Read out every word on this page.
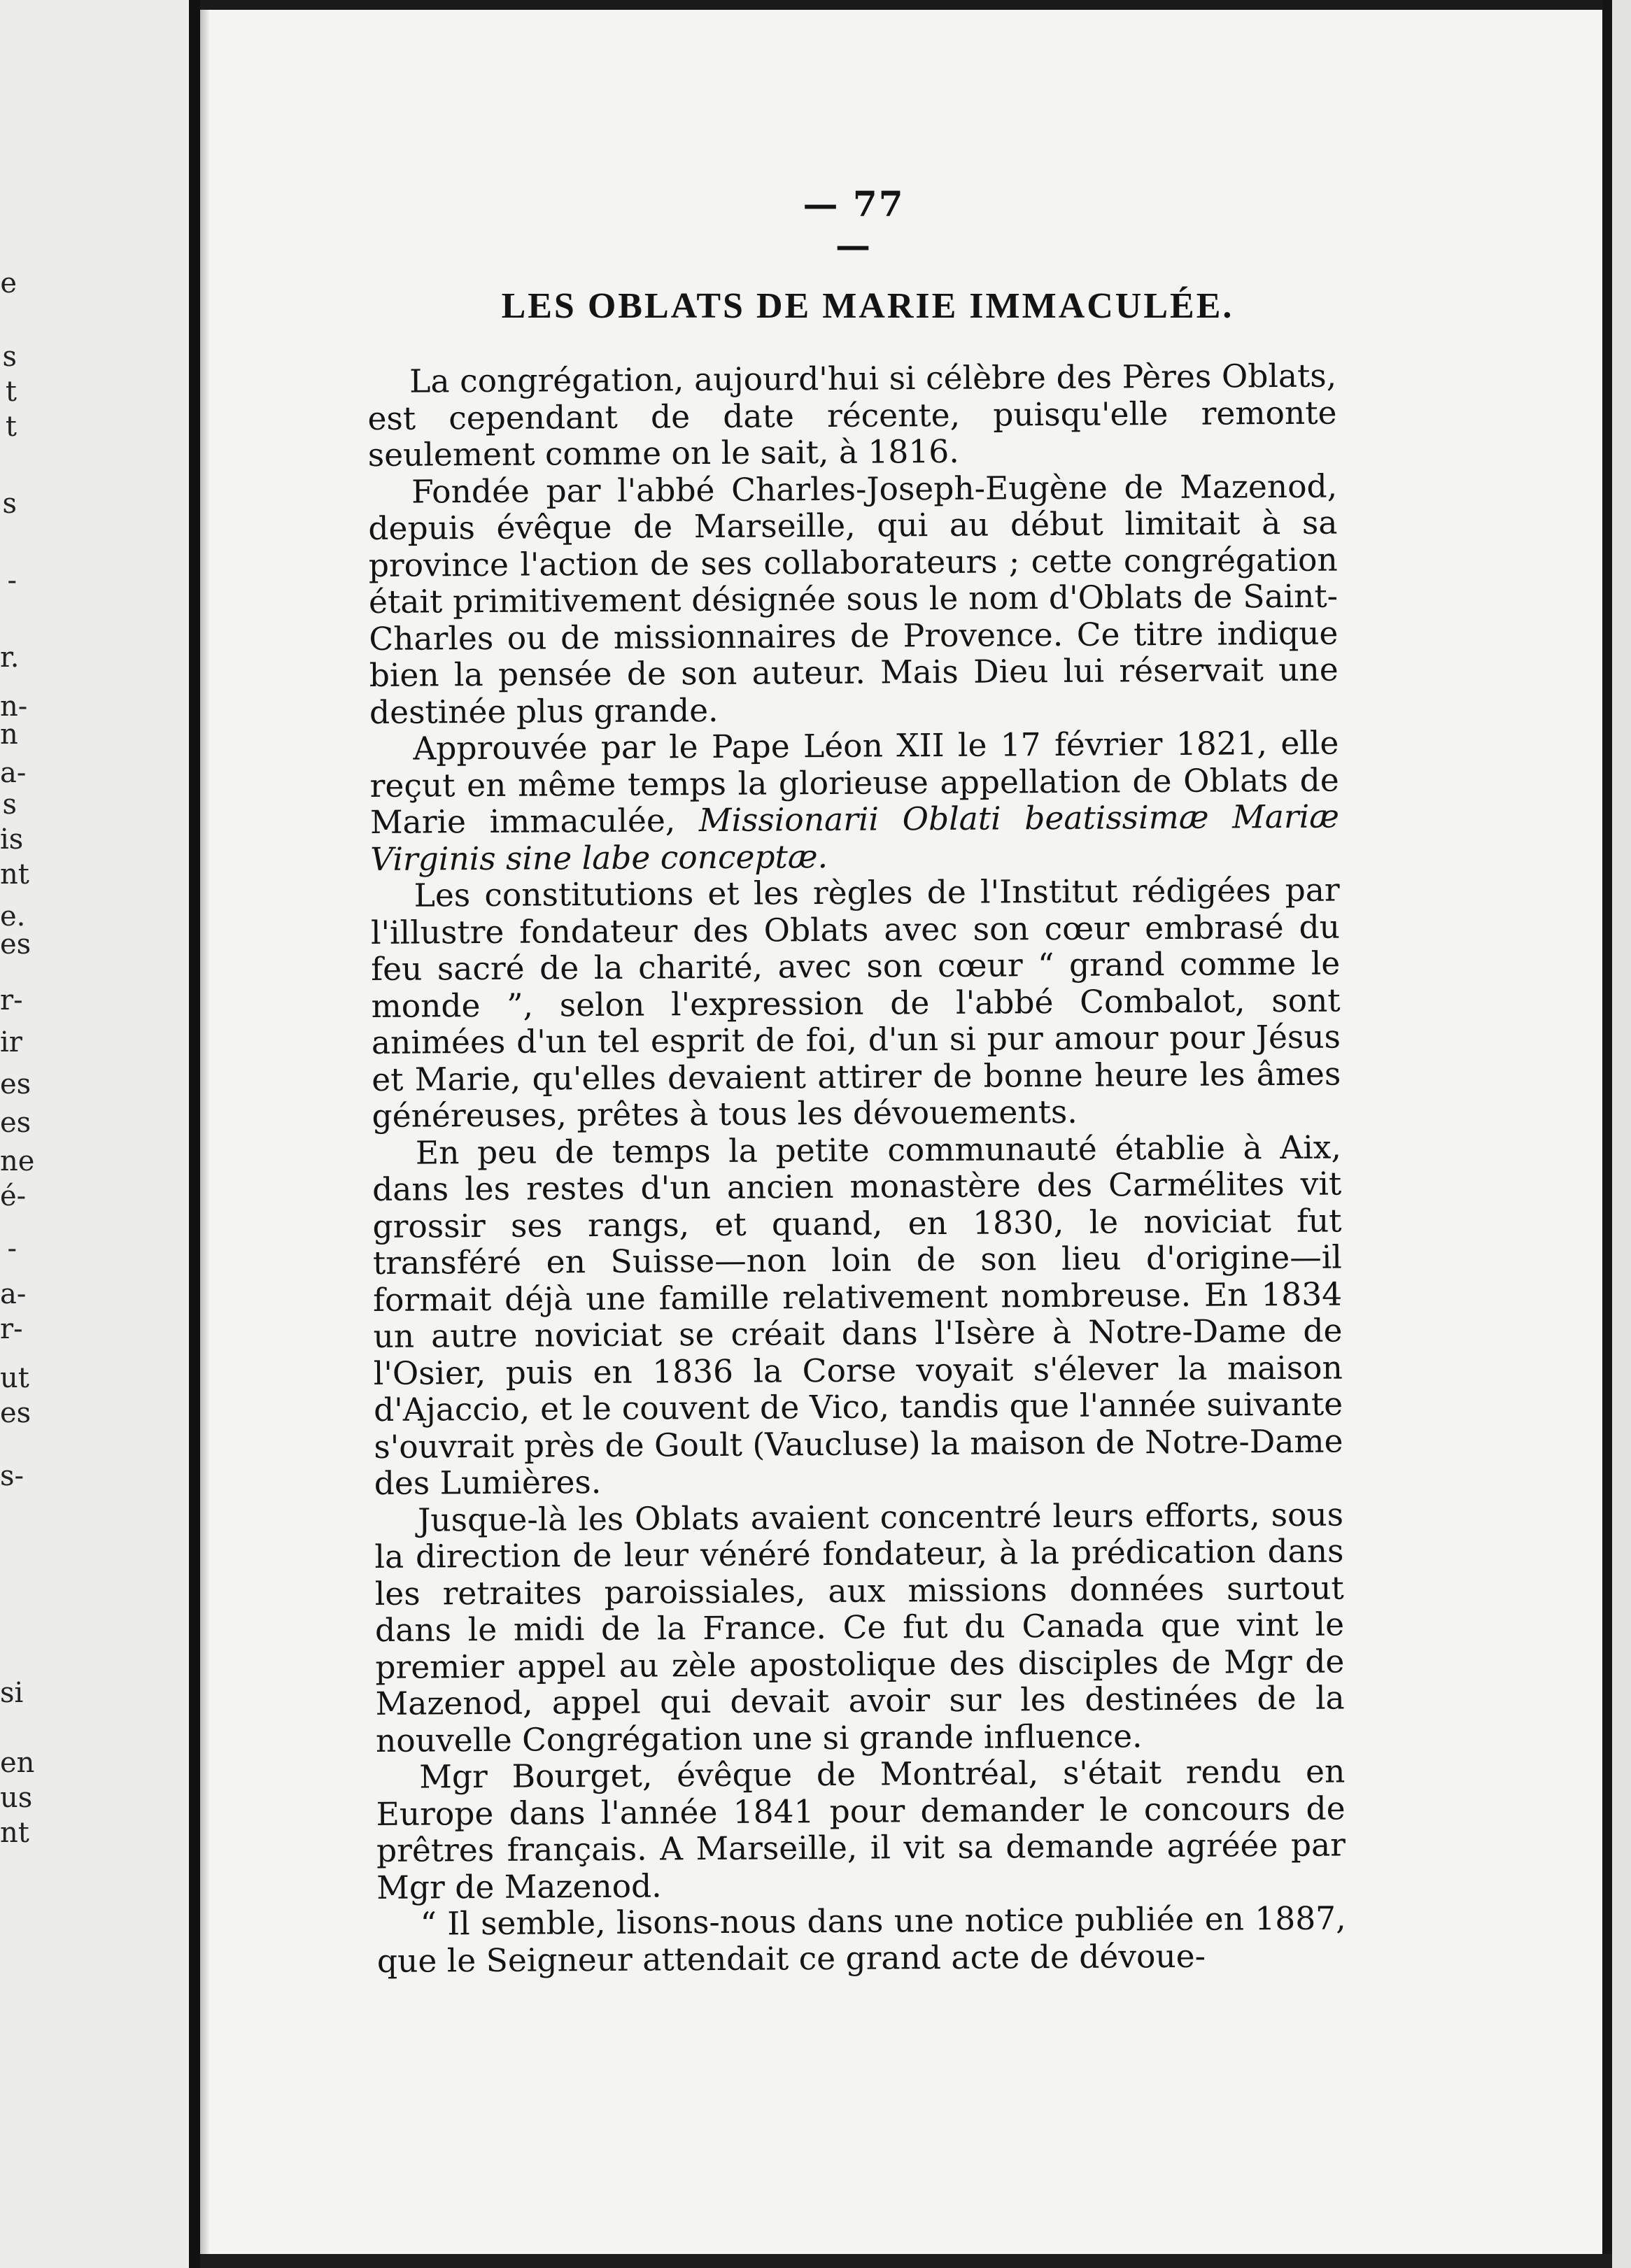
e
s
t
t
s
-
r.
n-
n
a-
s
is
nt
e.
es
r-
ir
es
es
ne
é-
-
a-
r-
ut
es
s-
si
en
us
nt
— 77 —
LES OBLATS DE MARIE IMMACULÉE.

La congrégation, aujourd'hui si célèbre des Pères Oblats, est cependant de date récente, puisqu'elle remonte seulement comme on le sait, à 1816.

Fondée par l'abbé Charles-Joseph-Eugène de Mazenod, depuis évêque de Marseille, qui au début limitait à sa province l'action de ses collaborateurs ; cette congrégation était primitivement désignée sous le nom d'Oblats de Saint-Charles ou de missionnaires de Provence. Ce titre indique bien la pensée de son auteur. Mais Dieu lui réservait une destinée plus grande.

Approuvée par le Pape Léon XII le 17 février 1821, elle reçut en même temps la glorieuse appellation de Oblats de Marie immaculée, Missionarii Oblati beatissimæ Mariæ Virginis sine labe conceptæ.

Les constitutions et les règles de l'Institut rédigées par l'illustre fondateur des Oblats avec son cœur embrasé du feu sacré de la charité, avec son cœur “ grand comme le monde ”, selon l'expression de l'abbé Combalot, sont animées d'un tel esprit de foi, d'un si pur amour pour Jésus et Marie, qu'elles devaient attirer de bonne heure les âmes généreuses, prêtes à tous les dévouements.

En peu de temps la petite communauté établie à Aix, dans les restes d'un ancien monastère des Carmélites vit grossir ses rangs, et quand, en 1830, le noviciat fut transféré en Suisse—non loin de son lieu d'origine—il formait déjà une famille relativement nombreuse. En 1834 un autre noviciat se créait dans l'Isère à Notre-Dame de l'Osier, puis en 1836 la Corse voyait s'élever la maison d'Ajaccio, et le couvent de Vico, tandis que l'année suivante s'ouvrait près de Goult (Vaucluse) la maison de Notre-Dame des Lumières.

Jusque-là les Oblats avaient concentré leurs efforts, sous la direction de leur vénéré fondateur, à la prédication dans les retraites paroissiales, aux missions données surtout dans le midi de la France. Ce fut du Canada que vint le premier appel au zèle apostolique des disciples de Mgr de Mazenod, appel qui devait avoir sur les destinées de la nouvelle Congrégation une si grande influence.

Mgr Bourget, évêque de Montréal, s'était rendu en Europe dans l'année 1841 pour demander le concours de prêtres français. A Marseille, il vit sa demande agréée par Mgr de Mazenod.

“ Il semble, lisons-nous dans une notice publiée en 1887, que le Seigneur attendait ce grand acte de dévoue-
